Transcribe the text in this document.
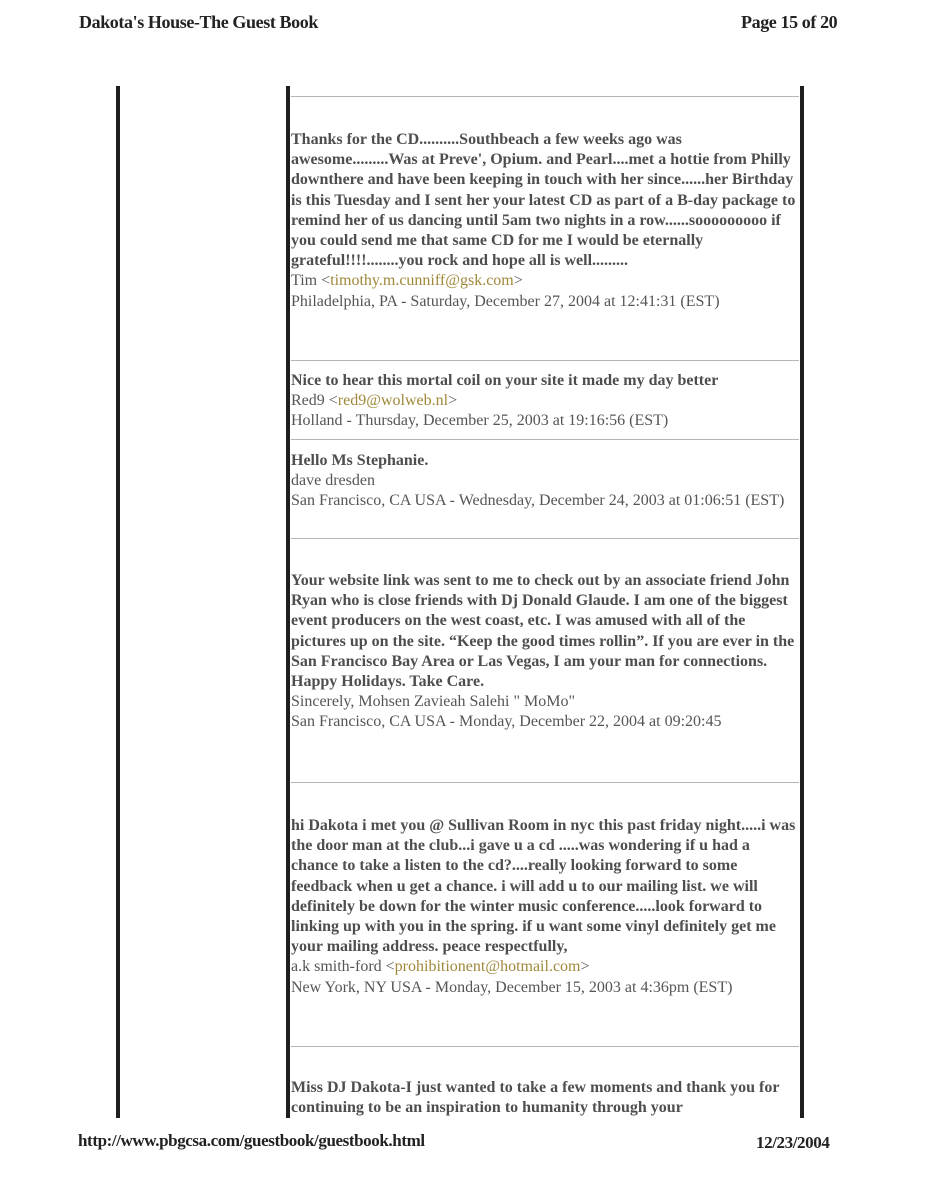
Dakota's House-The Guest Book	Page 15 of 20
Thanks for the CD..........Southbeach a few weeks ago was awesome.........Was at Preve', Opium. and Pearl....met a hottie from Philly downthere and have been keeping in touch with her since......her Birthday is this Tuesday and I sent her your latest CD as part of a B-day package to remind her of us dancing until 5am two nights in a row......sooooooooo if you could send me that same CD for me I would be eternally grateful!!!!........you rock and hope all is well.........
Tim <timothy.m.cunniff@gsk.com>
Philadelphia, PA - Saturday, December 27, 2004 at 12:41:31 (EST)
Nice to hear this mortal coil on your site it made my day better
Red9 <red9@wolweb.nl>
Holland - Thursday, December 25, 2003 at 19:16:56 (EST)
Hello Ms Stephanie.
dave dresden
San Francisco, CA USA - Wednesday, December 24, 2003 at 01:06:51 (EST)
Your website link was sent to me to check out by an associate friend John Ryan who is close friends with Dj Donald Glaude. I am one of the biggest event producers on the west coast, etc. I was amused with all of the pictures up on the site. “Keep the good times rollin”. If you are ever in the San Francisco Bay Area or Las Vegas, I am your man for connections. Happy Holidays. Take Care.
Sincerely, Mohsen Zavieah Salehi " MoMo"
San Francisco, CA USA - Monday, December 22, 2004 at 09:20:45
hi Dakota i met you @ Sullivan Room in nyc this past friday night.....i was the door man at the club...i gave u a cd .....was wondering if u had a chance to take a listen to the cd?....really looking forward to some feedback when u get a chance. i will add u to our mailing list. we will definitely be down for the winter music conference.....look forward to linking up with you in the spring. if u want some vinyl definitely get me your mailing address. peace respectfully,
a.k smith-ford <prohibitionent@hotmail.com>
New York, NY USA - Monday, December 15, 2003 at 4:36pm (EST)
Miss DJ Dakota-I just wanted to take a few moments and thank you for continuing to be an inspiration to humanity through your
http://www.pbgcsa.com/guestbook/guestbook.html	12/23/2004
